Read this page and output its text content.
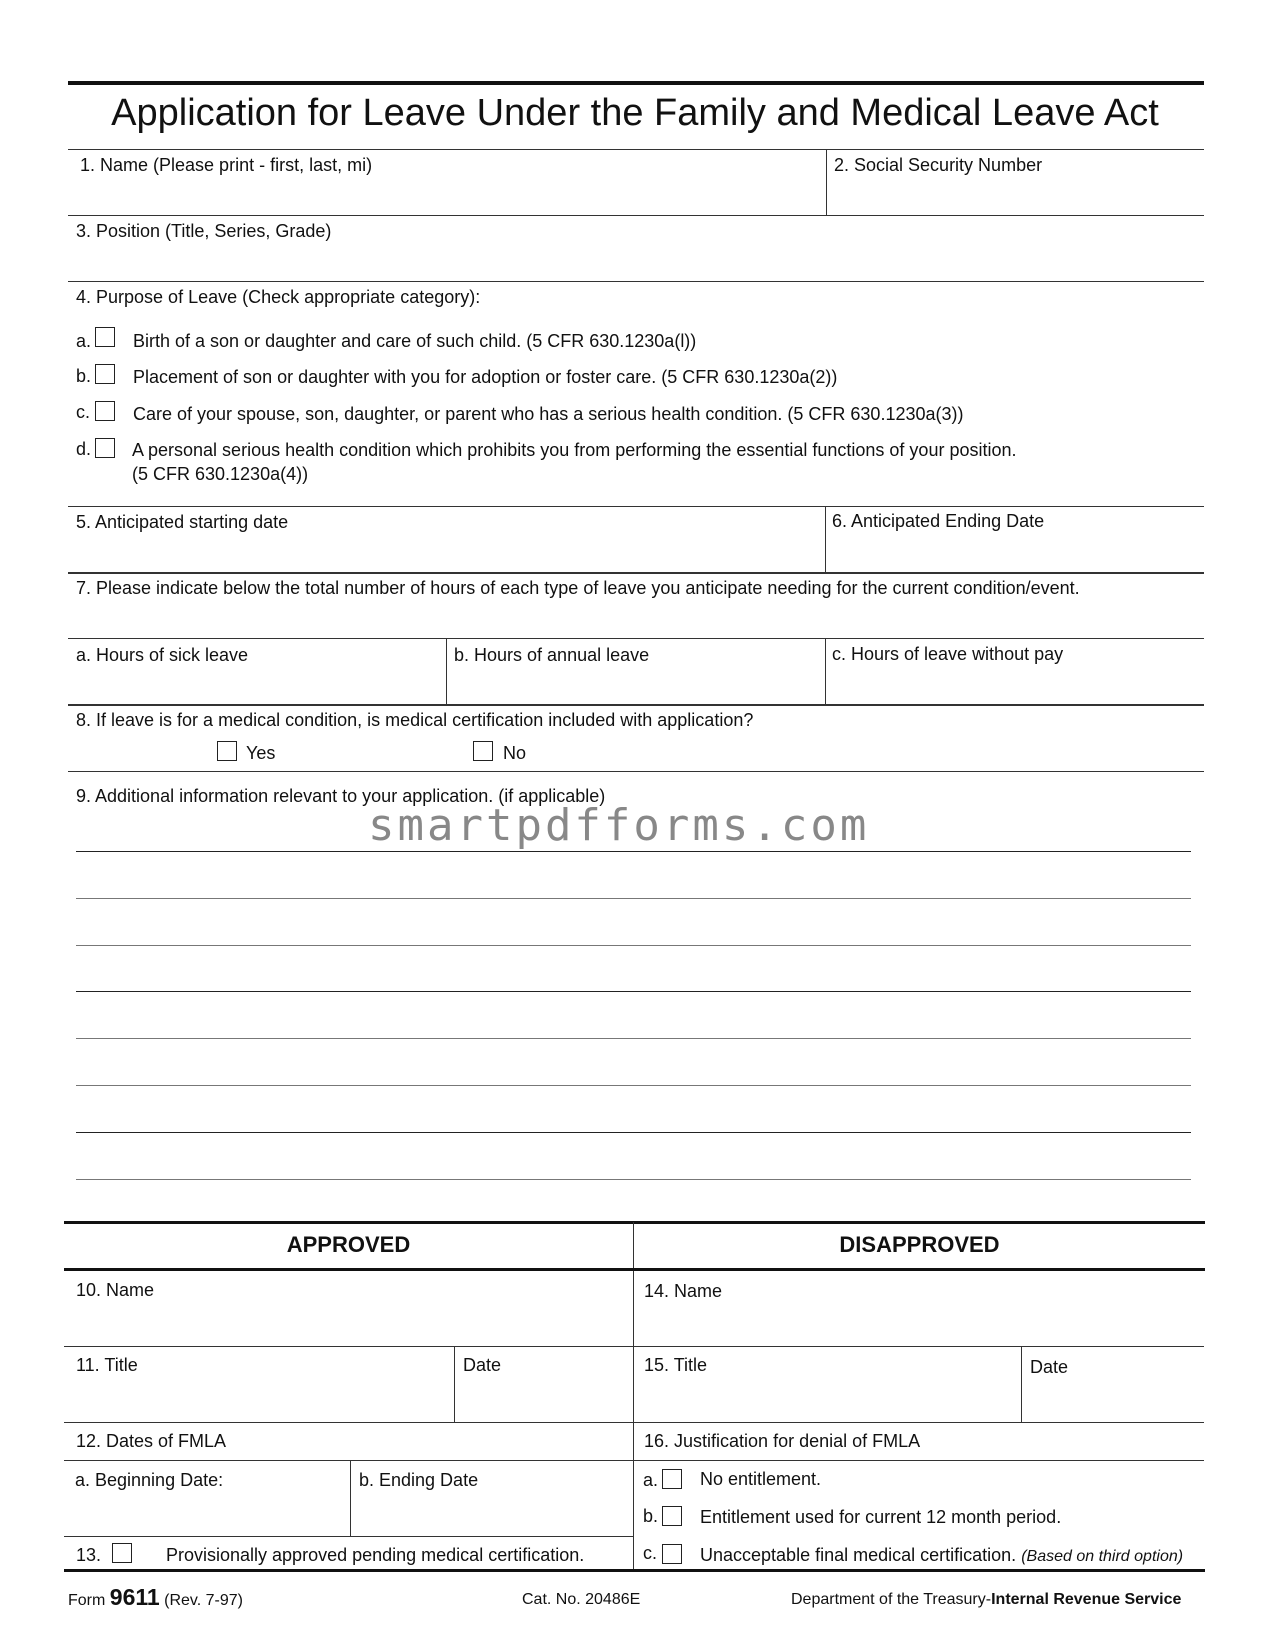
Application for Leave Under the Family and Medical Leave Act
1. Name (Please print - first, last, mi)	2. Social Security Number
3. Position (Title, Series, Grade)
4. Purpose of Leave (Check appropriate category):
a. Birth of a son or daughter and care of such child. (5 CFR 630.1230a(l))
b. Placement of son or daughter with you for adoption or foster care. (5 CFR 630.1230a(2))
c. Care of your spouse, son, daughter, or parent who has a serious health condition. (5 CFR 630.1230a(3))
d. A personal serious health condition which prohibits you from performing the essential functions of your position.
(5 CFR 630.1230a(4))
5. Anticipated starting date	6. Anticipated Ending Date
7. Please indicate below the total number of hours of each type of leave you anticipate needing for the current condition/event.
a. Hours of sick leave	b. Hours of annual leave	c. Hours of leave without pay
8. If leave is for a medical condition, is medical certification included with application?
Yes	No
9. Additional information relevant to your application. (if applicable)
smartpdfforms.com
APPROVED	DISAPPROVED
10. Name	14. Name
11. Title	Date	15. Title	Date
12. Dates of FMLA	16. Justification for denial of FMLA
a. Beginning Date:	b. Ending Date
13.	Provisionally approved pending medical certification.
a. No entitlement.
b. Entitlement used for current 12 month period.
c. Unacceptable final medical certification. (Based on third option)
Form 9611 (Rev. 7-97)	Cat. No. 20486E	Department of the Treasury-Internal Revenue Service
